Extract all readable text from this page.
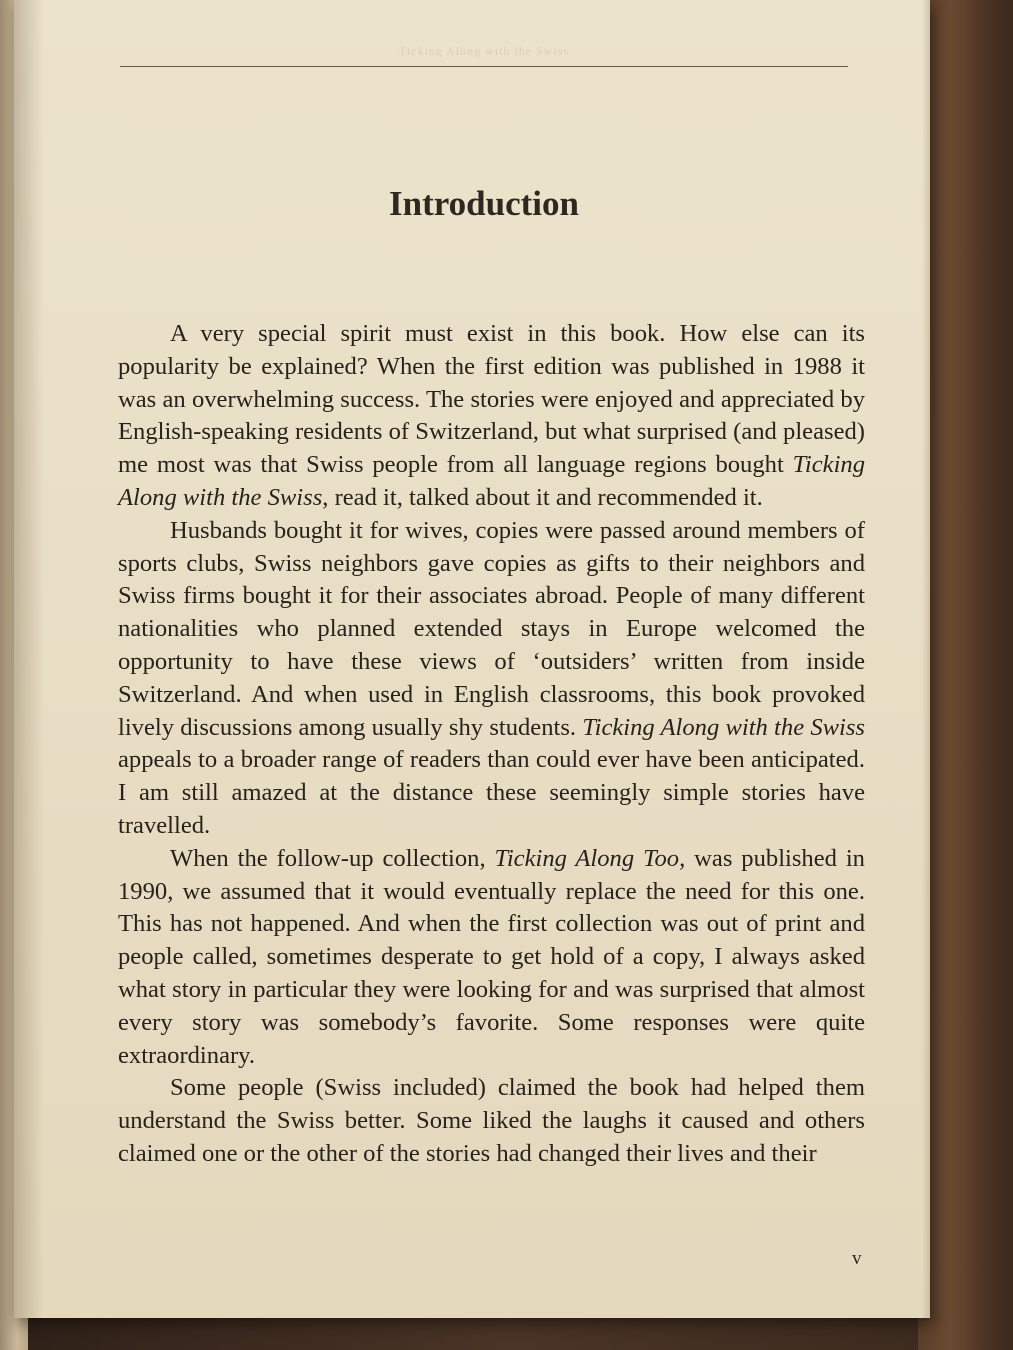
Ticking Along with the Swiss
Introduction

A very special spirit must exist in this book. How else can its popularity be explained? When the first edition was published in 1988 it was an overwhelming success. The stories were enjoyed and appreciated by English-speaking residents of Switzerland, but what surprised (and pleased) me most was that Swiss people from all language regions bought Ticking Along with the Swiss, read it, talked about it and recommended it.

Husbands bought it for wives, copies were passed around members of sports clubs, Swiss neighbors gave copies as gifts to their neighbors and Swiss firms bought it for their associates abroad. People of many different nationalities who planned extended stays in Europe welcomed the opportunity to have these views of ‘outsiders’ written from inside Switzerland. And when used in English classrooms, this book provoked lively discussions among usually shy students. Ticking Along with the Swiss appeals to a broader range of readers than could ever have been anticipated. I am still amazed at the distance these seemingly simple stories have travelled.

When the follow-up collection, Ticking Along Too, was published in 1990, we assumed that it would eventually replace the need for this one. This has not happened. And when the first collection was out of print and people called, sometimes desperate to get hold of a copy, I always asked what story in particular they were looking for and was surprised that almost every story was somebody’s favorite. Some responses were quite extraordinary.

Some people (Swiss included) claimed the book had helped them understand the Swiss better. Some liked the laughs it caused and others claimed one or the other of the stories had changed their lives and their

v
